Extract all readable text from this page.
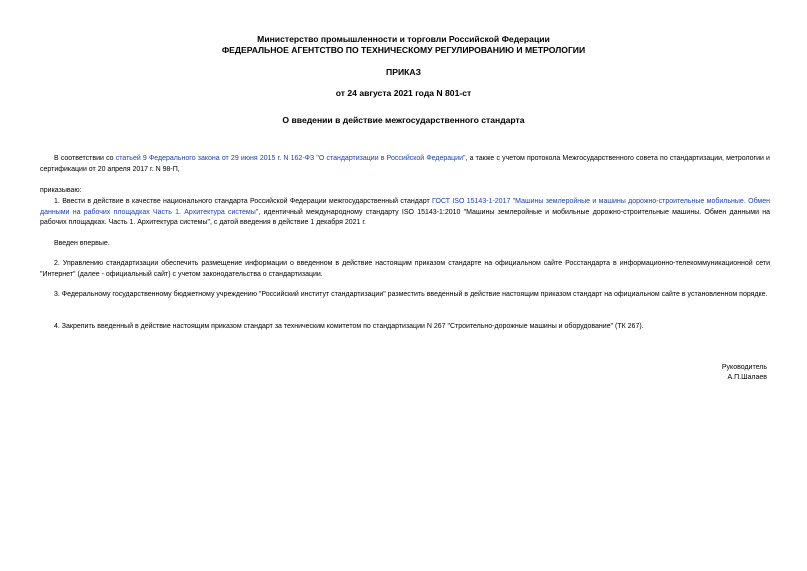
Министерство промышленности и торговли Российской Федерации
ФЕДЕРАЛЬНОЕ АГЕНТСТВО ПО ТЕХНИЧЕСКОМУ РЕГУЛИРОВАНИЮ И МЕТРОЛОГИИ
ПРИКАЗ
от 24 августа 2021 года N 801-ст
О введении в действие межгосударственного стандарта
В соответствии со статьей 9 Федерального закона от 29 июня 2015 г. N 162-ФЗ "О стандартизации в Российской Федерации", а также с учетом протокола Межгосударственного совета по стандартизации, метрологии и сертификации от 20 апреля 2017 г. N 98-П,
приказываю:
1. Ввести в действие в качестве национального стандарта Российской Федерации межгосударственный стандарт ГОСТ ISO 15143-1-2017 "Машины землеройные и машины дорожно-строительные мобильные. Обмен данными на рабочих площадках Часть 1. Архитектура системы", идентичный международному стандарту ISO 15143-1:2010 "Машины землеройные и мобильные дорожно-строительные машины. Обмен данными на рабочих площадках. Часть 1. Архитектура системы", с датой введения в действие 1 декабря 2021 г.
Введен впервые.
2. Управлению стандартизации обеспечить размещение информации о введенном в действие настоящим приказом стандарте на официальном сайте Росстандарта в информационно-телекоммуникационной сети "Интернет" (далее - официальный сайт) с учетом законодательства о стандартизации.
3. Федеральному государственному бюджетному учреждению "Российский институт стандартизации" разместить введенный в действие настоящим приказом стандарт на официальном сайте в установленном порядке.
4. Закрепить введенный в действие настоящим приказом стандарт за техническим комитетом по стандартизации N 267 "Строительно-дорожные машины и оборудование" (ТК 267).
Руководитель
А.П.Шалаев
